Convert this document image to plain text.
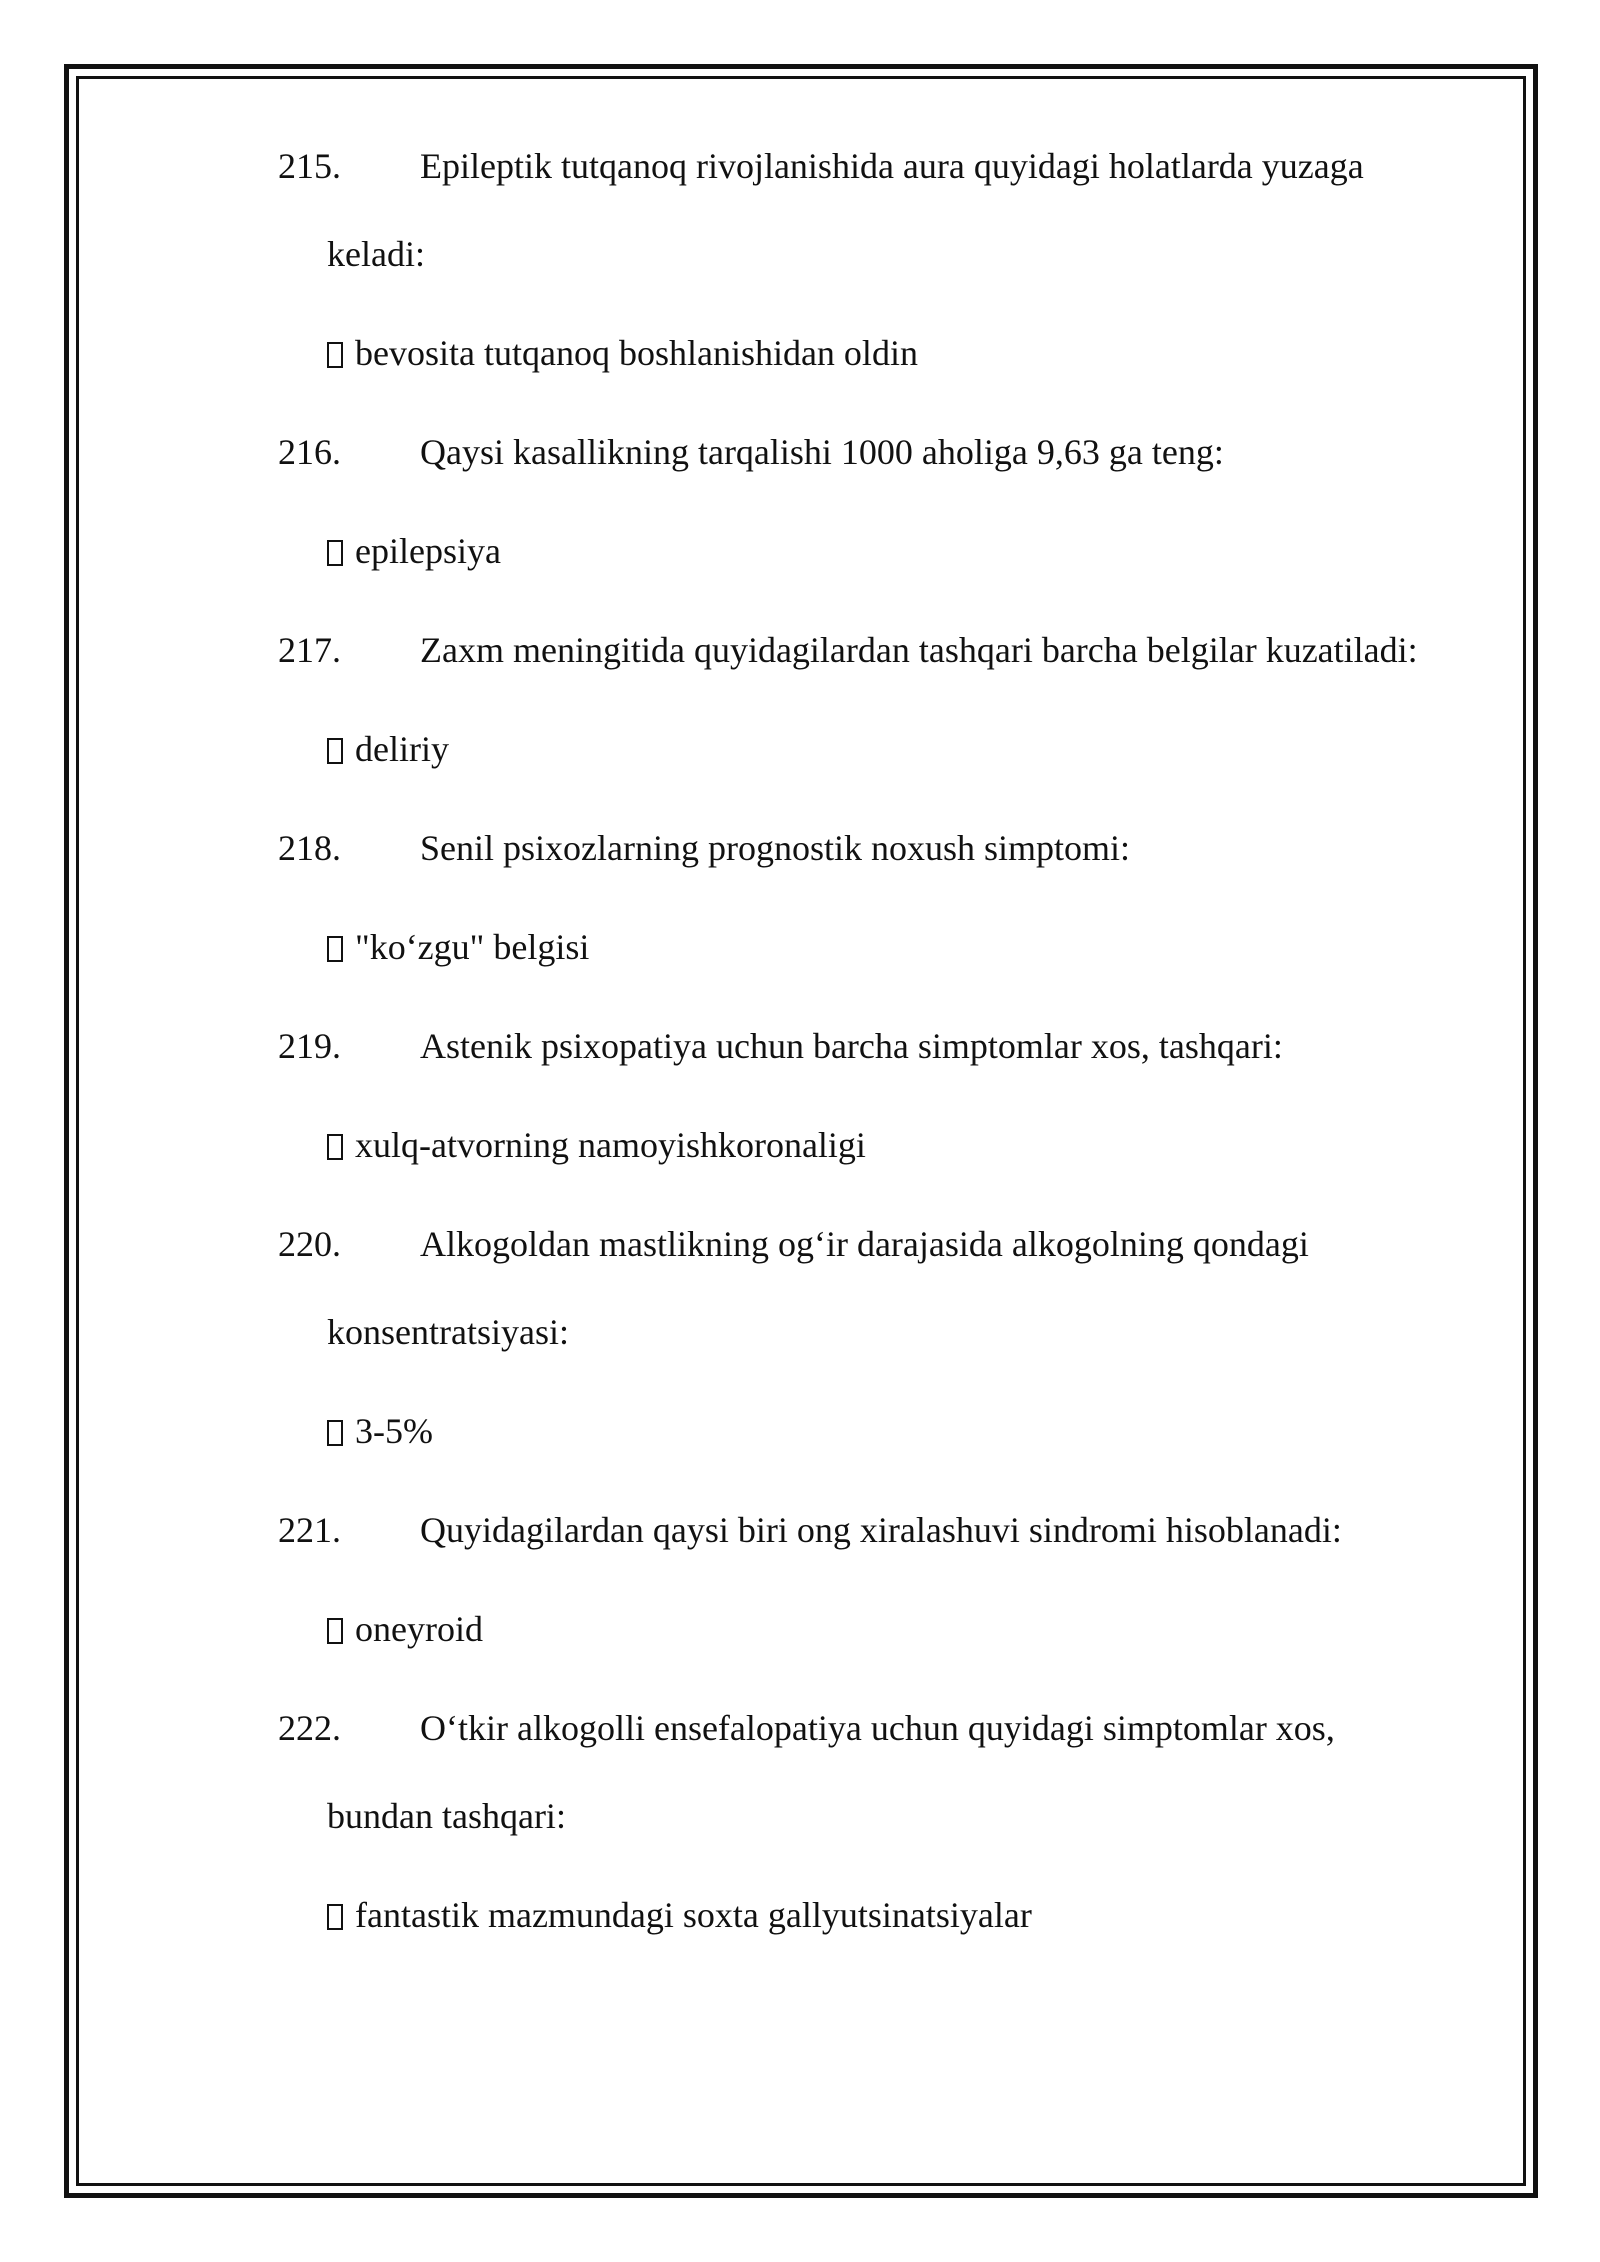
215. Epileptik tutqanoq rivojlanishida aura quyidagi holatlarda yuzaga
keladi:
bevosita tutqanoq boshlanishidan oldin
216. Qaysi kasallikning tarqalishi 1000 aholiga 9,63 ga teng:
epilepsiya
217. Zaxm meningitida quyidagilardan tashqari barcha belgilar kuzatiladi:
deliriy
218. Senil psixozlarning prognostik noxush simptomi:
"ko‘zgu" belgisi
219. Astenik psixopatiya uchun barcha simptomlar xos, tashqari:
xulq-atvorning namoyishkoronaligi
220. Alkogoldan mastlikning og‘ir darajasida alkogolning qondagi
konsentratsiyasi:
3-5%
221. Quyidagilardan qaysi biri ong xiralashuvi sindromi hisoblanadi:
oneyroid
222. O‘tkir alkogolli ensefalopatiya uchun quyidagi simptomlar xos,
bundan tashqari:
fantastik mazmundagi soxta gallyutsinatsiyalar
